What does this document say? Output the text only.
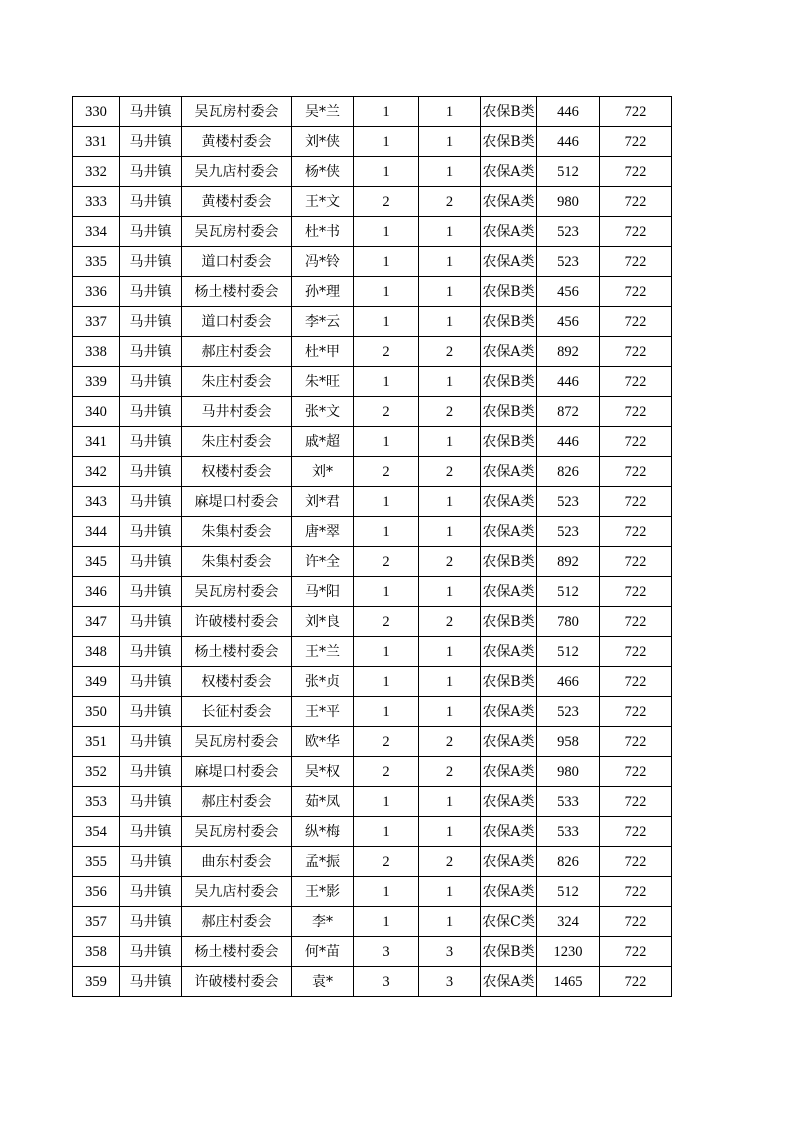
330	马井镇	吴瓦房村委会	吴*兰	1	1	农保B类	446	722
331	马井镇	黄楼村委会	刘*侠	1	1	农保B类	446	722
332	马井镇	吴九店村委会	杨*侠	1	1	农保A类	512	722
333	马井镇	黄楼村委会	王*文	2	2	农保A类	980	722
334	马井镇	吴瓦房村委会	杜*书	1	1	农保A类	523	722
335	马井镇	道口村委会	冯*铃	1	1	农保A类	523	722
336	马井镇	杨土楼村委会	孙*理	1	1	农保B类	456	722
337	马井镇	道口村委会	李*云	1	1	农保B类	456	722
338	马井镇	郝庄村委会	杜*甲	2	2	农保A类	892	722
339	马井镇	朱庄村委会	朱*旺	1	1	农保B类	446	722
340	马井镇	马井村委会	张*文	2	2	农保B类	872	722
341	马井镇	朱庄村委会	戚*超	1	1	农保B类	446	722
342	马井镇	权楼村委会	刘*	2	2	农保A类	826	722
343	马井镇	麻堤口村委会	刘*君	1	1	农保A类	523	722
344	马井镇	朱集村委会	唐*翠	1	1	农保A类	523	722
345	马井镇	朱集村委会	许*全	2	2	农保B类	892	722
346	马井镇	吴瓦房村委会	马*阳	1	1	农保A类	512	722
347	马井镇	许破楼村委会	刘*良	2	2	农保B类	780	722
348	马井镇	杨土楼村委会	王*兰	1	1	农保A类	512	722
349	马井镇	权楼村委会	张*贞	1	1	农保B类	466	722
350	马井镇	长征村委会	王*平	1	1	农保A类	523	722
351	马井镇	吴瓦房村委会	欧*华	2	2	农保A类	958	722
352	马井镇	麻堤口村委会	吴*权	2	2	农保A类	980	722
353	马井镇	郝庄村委会	茹*凤	1	1	农保A类	533	722
354	马井镇	吴瓦房村委会	纵*梅	1	1	农保A类	533	722
355	马井镇	曲东村委会	孟*振	2	2	农保A类	826	722
356	马井镇	吴九店村委会	王*影	1	1	农保A类	512	722
357	马井镇	郝庄村委会	李*	1	1	农保C类	324	722
358	马井镇	杨土楼村委会	何*苗	3	3	农保B类	1230	722
359	马井镇	许破楼村委会	袁*	3	3	农保A类	1465	722
